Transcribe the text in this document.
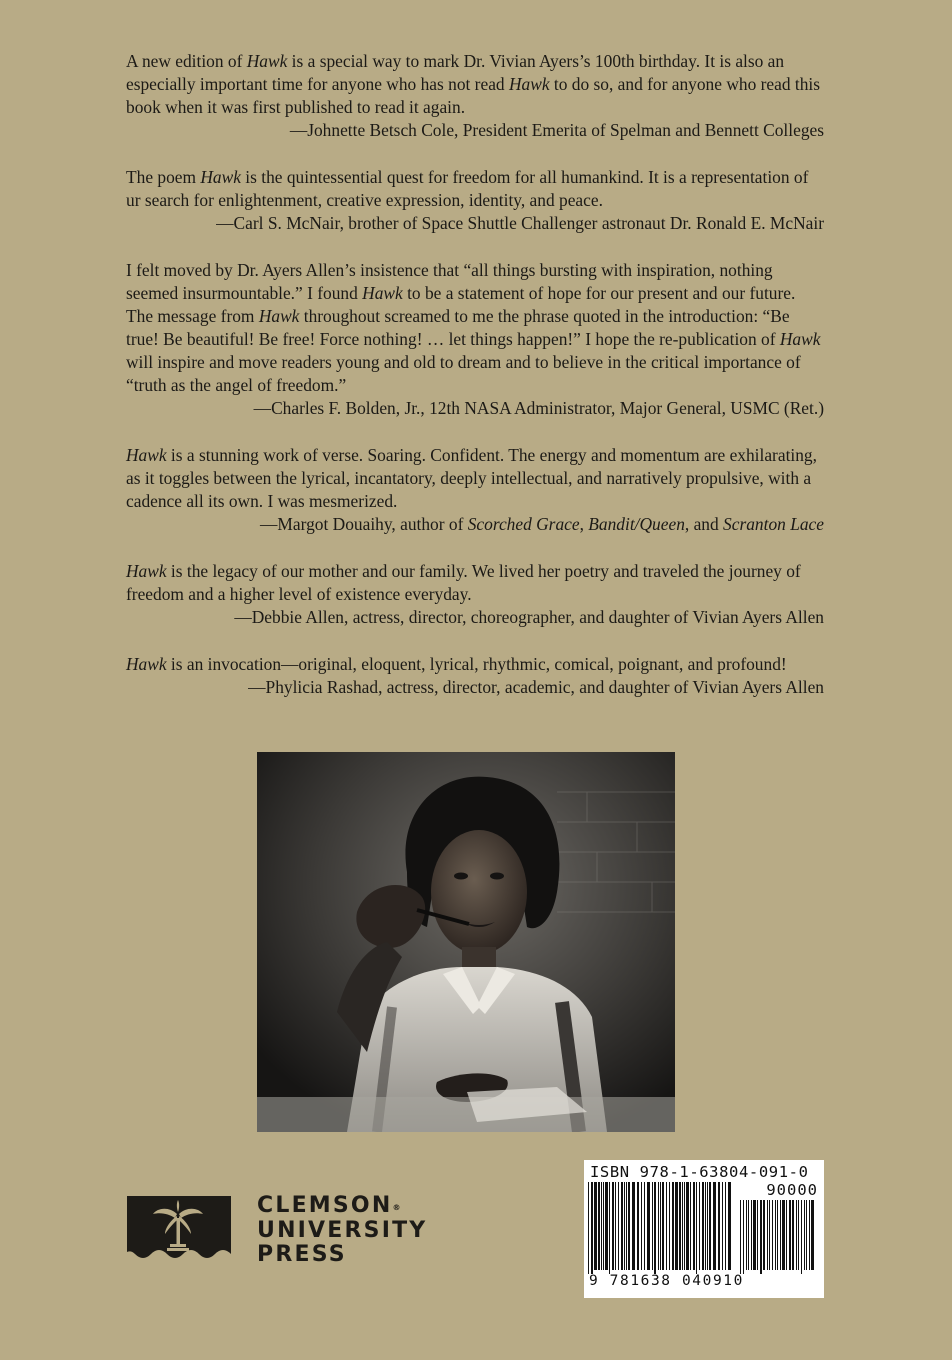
A new edition of Hawk is a special way to mark Dr. Vivian Ayers’s 100th birthday. It is also an especially important time for anyone who has not read Hawk to do so, and for anyone who read this book when it was first published to read it again.

—Johnette Betsch Cole, President Emerita of Spelman and Bennett Colleges

The poem Hawk is the quintessential quest for freedom for all humankind. It is a representation of ur search for enlightenment, creative expression, identity, and peace.

—Carl S. McNair, brother of Space Shuttle Challenger astronaut Dr. Ronald E. McNair

I felt moved by Dr. Ayers Allen’s insistence that “all things bursting with inspiration, nothing seemed insurmountable.” I found Hawk to be a statement of hope for our present and our future. The message from Hawk throughout screamed to me the phrase quoted in the introduction: “Be true! Be beautiful! Be free! Force nothing! … let things happen!” I hope the re-publication of Hawk will inspire and move readers young and old to dream and to believe in the critical importance of “truth as the angel of freedom.”

—Charles F. Bolden, Jr., 12th NASA Administrator, Major General, USMC (Ret.)

Hawk is a stunning work of verse. Soaring. Confident. The energy and momentum are exhilarating, as it toggles between the lyrical, incantatory, deeply intellectual, and narratively propulsive, with a cadence all its own. I was mesmerized.

—Margot Douaihy, author of Scorched Grace, Bandit/Queen, and Scranton Lace

Hawk is the legacy of our mother and our family. We lived her poetry and traveled the journey of freedom and a higher level of existence everyday.

—Debbie Allen, actress, director, choreographer, and daughter of Vivian Ayers Allen

Hawk is an invocation—original, eloquent, lyrical, rhythmic, comical, poignant, and profound!

—Phylicia Rashad, actress, director, academic, and daughter of Vivian Ayers Allen

CLEMSON®
UNIVERSITY
PRESS
ISBN 978-1-63804-091-0
90000
9 781638 040910
